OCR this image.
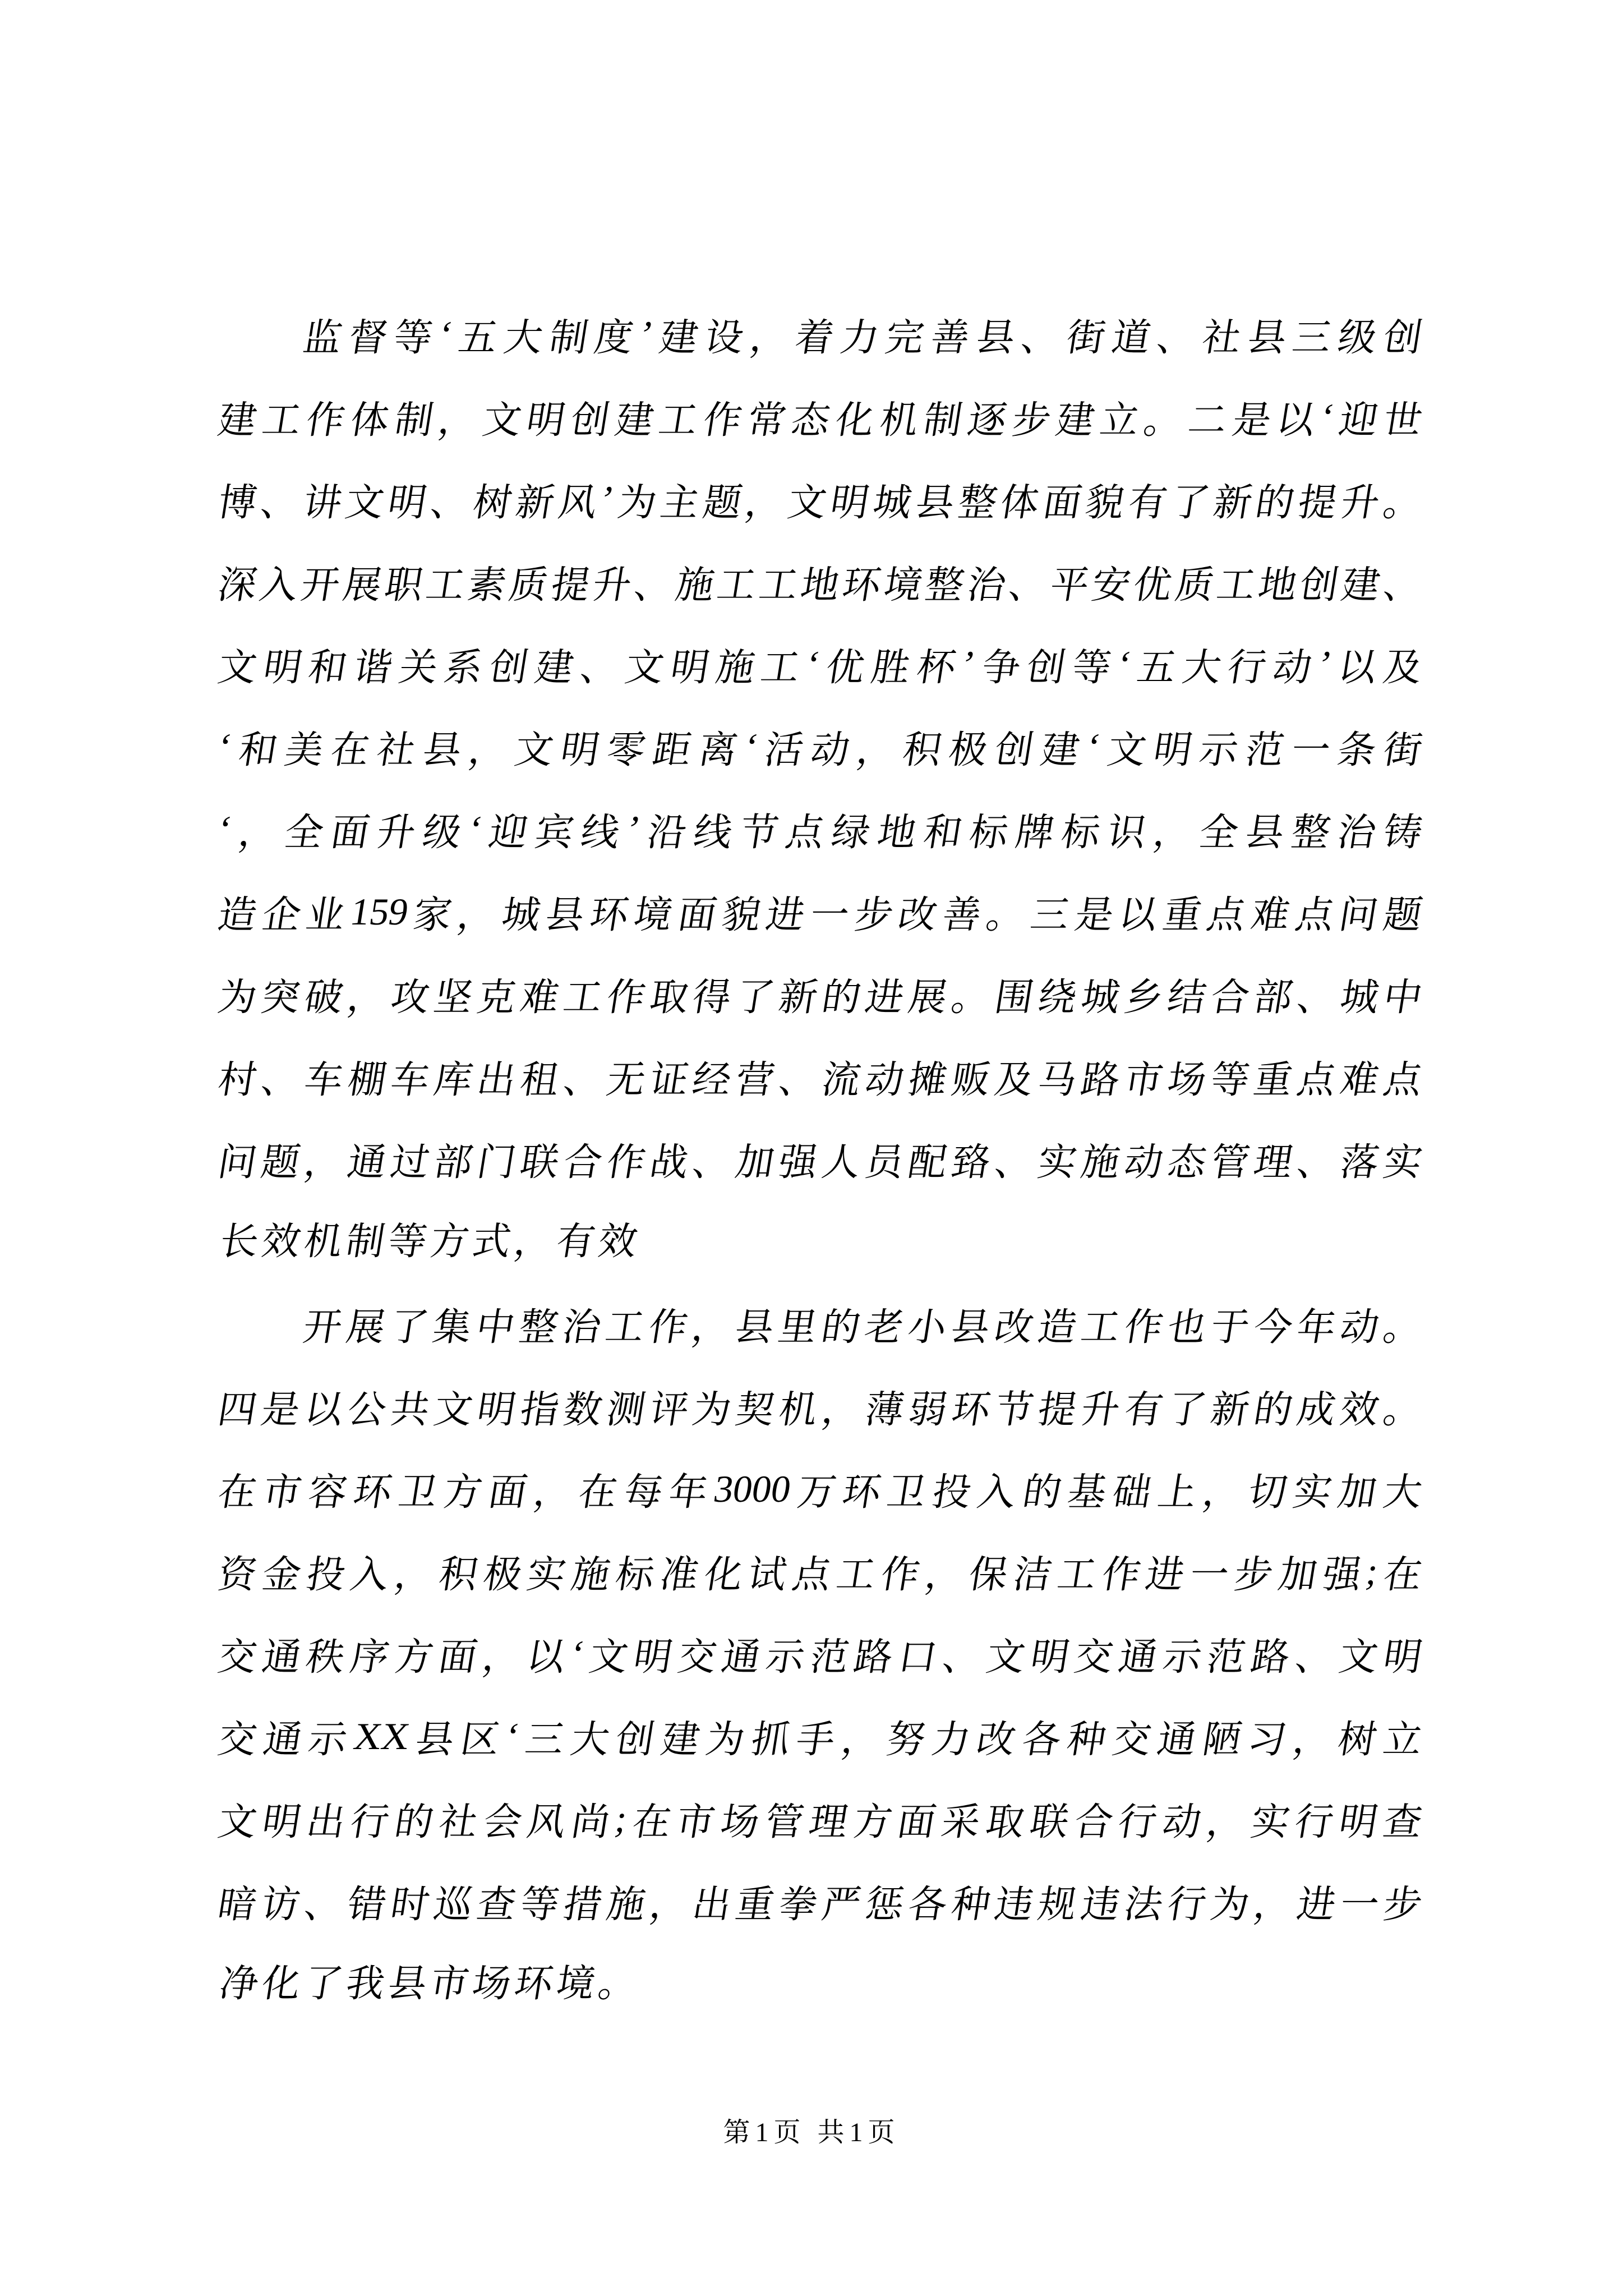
监 督 等 ‘ 五 大 制 度 ’ 建 设 ， 着 力 完 善 县 、 街 道 、 社 县 三 级 创
建
工
作
体
制
，
文
明
创
建
工
作
常
态
化
机
制
逐
步
建
立
。
二
是
以
‘
迎
世
博
、
讲
文
明
、
树
新
风
’
为
主
题
，
文
明
城
县
整
体
面
貌
有
了
新
的
提
升
。
深
入
开
展
职
工
素
质
提
升
、
施
工
工
地
环
境
整
治
、
平
安
优
质
工
地
创
建
、
文 明 和 谐 关 系 创 建 、 文 明 施 工 ‘ 优 胜 杯 ’ 争 创 等 ‘ 五 大 行 动 ’ 以 及
‘ 和 美 在 社 县 ， 文 明 零 距 离 ‘ 活 动 ， 积 极 创 建 ‘ 文 明 示 范 一 条 街
‘ ， 全 面 升 级 ‘ 迎 宾 线 ’ 沿 线 节 点 绿 地 和 标 牌 标 识 ， 全 县 整 治 铸
造
企
业
159
家
，
城
县
环
境
面
貌
进
一
步
改
善
。
三
是
以
重
点
难
点
问
题
为
突
破
，
攻
坚
克
难
工
作
取
得
了
新
的
进
展
。
围
绕
城
乡
结
合
部
、
城
中
村
、
车
棚
车
库
出
租
、
无
证
经
营
、
流
动
摊
贩
及
马
路
市
场
等
重
点
难
点
问
题
，
通
过
部
门
联
合
作
战
、
加
强
人
员
配
臵
、
实
施
动
态
管
理
、
落
实
长效机制等方式，有效
开
展
了
集
中
整
治
工
作
，
县
里
的
老
小
县
改
造
工
作
也
于
今
年
动
。
四
是
以
公
共
文
明
指
数
测
评
为
契
机
，
薄
弱
环
节
提
升
有
了
新
的
成
效
。
在 市 容 环 卫 方 面 ， 在 每 年 3000 万 环 卫 投 入 的 基 础 上 ， 切 实 加 大
资
金
投
入
，
积
极
实
施
标
准
化
试
点
工
作
，
保
洁
工
作
进
一
步
加
强
;
在
交
通
秩
序
方
面
，
以
‘
文
明
交
通
示
范
路
口
、
文
明
交
通
示
范
路
、
文
明
交 通 示 XX 县 区 ‘ 三 大 创 建 为 抓 手 ， 努 力 改 各 种 交 通 陋 习 ， 树 立
文
明
出
行
的
社
会
风
尚
;
在
市
场
管
理
方
面
采
取
联
合
行
动
，
实
行
明
查
暗
访
、
错
时
巡
查
等
措
施
，
出
重
拳
严
惩
各
种
违
规
违
法
行
为
，
进
一
步
净化了我县市场环境。
第1页 共1页
